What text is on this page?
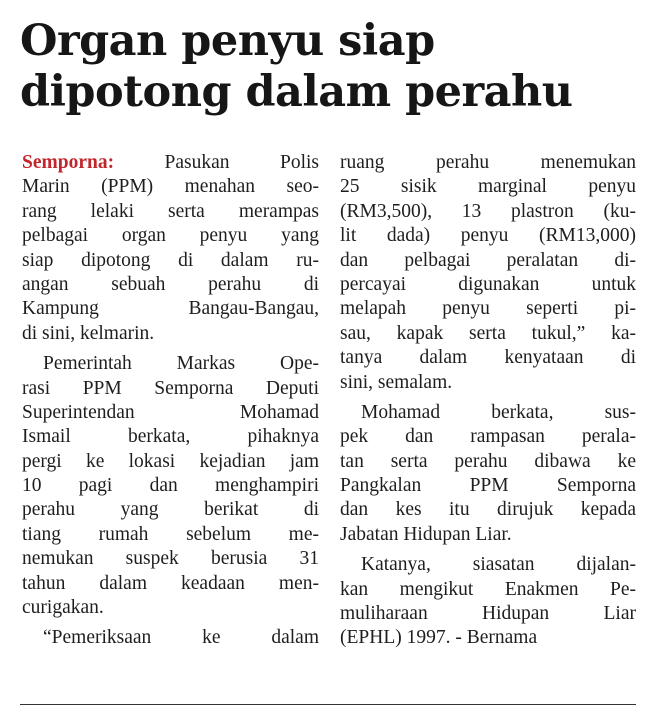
Organ penyu siap
dipotong dalam perahu
Semporna:	Pasukan Polis
Marin (PPM) menahan seo-
rang lelaki serta merampas
pelbagai organ penyu yang
siap dipotong di dalam ru-
angan sebuah perahu di
Kampung Bangau-Bangau,
di sini, kelmarin.
Pemerintah Markas Ope-
rasi PPM Semporna Deputi
Superintendan Mohamad
Ismail berkata, pihaknya
pergi ke lokasi kejadian jam
10 pagi dan menghampiri
perahu yang berikat di
tiang rumah sebelum me-
nemukan suspek berusia 31
tahun dalam keadaan men-
curigakan.
“Pemeriksaan ke dalam
ruang perahu menemukan
25 sisik marginal penyu
(RM3,500), 13 plastron (ku-
lit dada) penyu (RM13,000)
dan pelbagai peralatan di-
percayai digunakan untuk
melapah penyu seperti pi-
sau, kapak serta tukul,” ka-
tanya dalam kenyataan di
sini, semalam.
Mohamad berkata, sus-
pek dan rampasan perala-
tan serta perahu dibawa ke
Pangkalan PPM Semporna
dan kes itu dirujuk kepada
Jabatan Hidupan Liar.
Katanya, siasatan dijalan-
kan mengikut Enakmen Pe-
muliharaan Hidupan Liar
(EPHL) 1997. - Bernama
